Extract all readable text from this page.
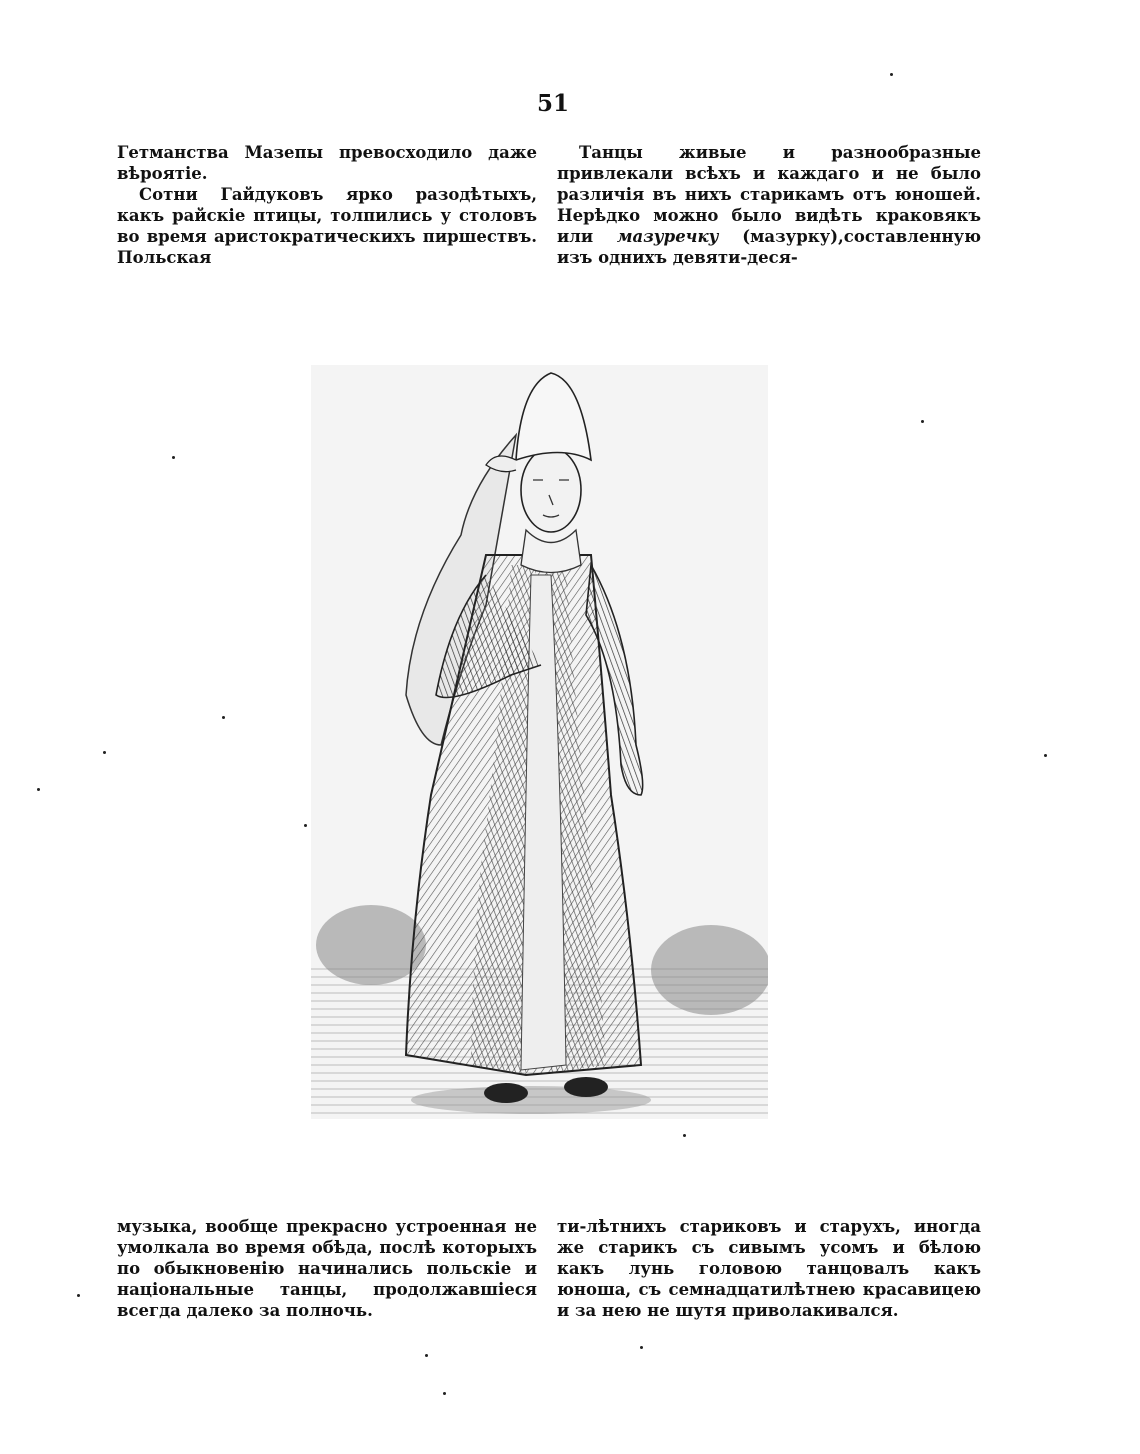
51

Гетманства Мазепы превосходило даже вѣроятіе.

Сотни Гайдуковъ ярко разодѣтыхъ, какъ райскіе птицы, толпились у столовъ во время аристократическихъ пиршествъ. Польская

Танцы живые и разнообразные привлекали всѣхъ и каждаго и не было различія въ нихъ старикамъ отъ юношей. Нерѣдко можно было видѣть краковякъ или мазуречку (мазурку),составленную изъ однихъ девяти-деся-

музыка, вообще прекрасно устроенная не умолкала во время обѣда, послѣ которыхъ по обыкновенію начинались польскіе и національные танцы, продолжавшіеся всегда далеко за полночь.

ти-лѣтнихъ стариковъ и старухъ, иногда же старикъ съ сивымъ усомъ и бѣлою какъ лунь головою танцовалъ какъ юноша, съ семнадцатилѣтнею красавицею и за нею не шутя приволакивался.
